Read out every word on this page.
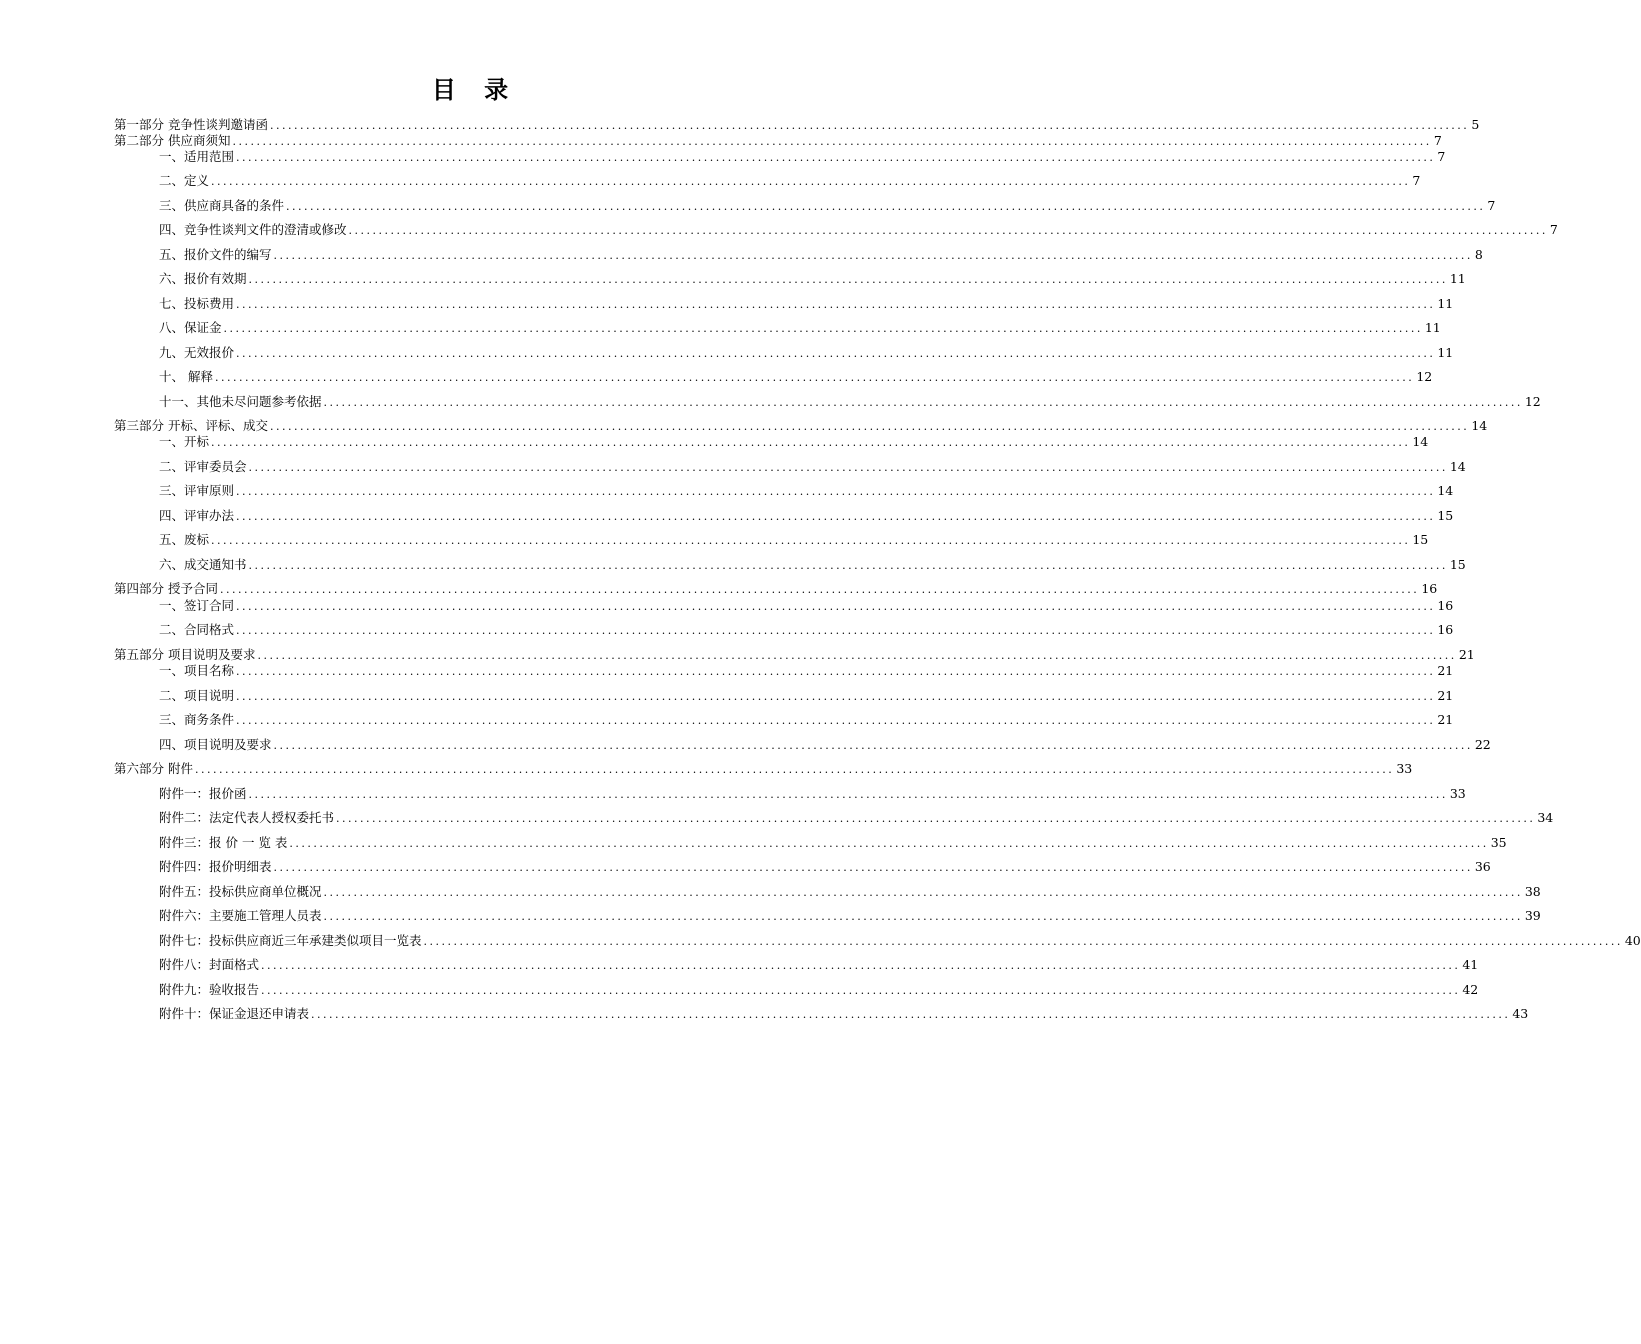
目 录
第一部分 竞争性谈判邀请函 ........................................................................................................................................................................................................ 5
第二部分 供应商须知 ........................................................................................................................................................................................................ 7
一、适用范围 ........................................................................................................................................................................................................ 7
二、定义 ........................................................................................................................................................................................................ 7
三、供应商具备的条件 ........................................................................................................................................................................................................ 7
四、竞争性谈判文件的澄清或修改 ........................................................................................................................................................................................................ 7
五、报价文件的编写 ........................................................................................................................................................................................................ 8
六、报价有效期 ........................................................................................................................................................................................................ 11
七、投标费用 ........................................................................................................................................................................................................ 11
八、保证金 ........................................................................................................................................................................................................ 11
九、无效报价 ........................................................................................................................................................................................................ 11
十、 解释 ........................................................................................................................................................................................................ 12
十一、其他未尽问题参考依据 ........................................................................................................................................................................................................ 12
第三部分 开标、评标、成交 ........................................................................................................................................................................................................ 14
一、开标 ........................................................................................................................................................................................................ 14
二、评审委员会 ........................................................................................................................................................................................................ 14
三、评审原则 ........................................................................................................................................................................................................ 14
四、评审办法 ........................................................................................................................................................................................................ 15
五、废标 ........................................................................................................................................................................................................ 15
六、成交通知书 ........................................................................................................................................................................................................ 15
第四部分 授予合同 ........................................................................................................................................................................................................ 16
一、签订合同 ........................................................................................................................................................................................................ 16
二、合同格式 ........................................................................................................................................................................................................ 16
第五部分 项目说明及要求 ........................................................................................................................................................................................................ 21
一、项目名称 ........................................................................................................................................................................................................ 21
二、项目说明 ........................................................................................................................................................................................................ 21
三、商务条件 ........................................................................................................................................................................................................ 21
四、项目说明及要求 ........................................................................................................................................................................................................ 22
第六部分 附件 ........................................................................................................................................................................................................ 33
附件一：报价函 ........................................................................................................................................................................................................ 33
附件二：法定代表人授权委托书 ........................................................................................................................................................................................................ 34
附件三：报 价 一 览 表 ........................................................................................................................................................................................................ 35
附件四：报价明细表 ........................................................................................................................................................................................................ 36
附件五：投标供应商单位概况 ........................................................................................................................................................................................................ 38
附件六：主要施工管理人员表 ........................................................................................................................................................................................................ 39
附件七：投标供应商近三年承建类似项目一览表 ........................................................................................................................................................................................................ 40
附件八：封面格式 ........................................................................................................................................................................................................ 41
附件九：验收报告 ........................................................................................................................................................................................................ 42
附件十：保证金退还申请表 ........................................................................................................................................................................................................ 43
